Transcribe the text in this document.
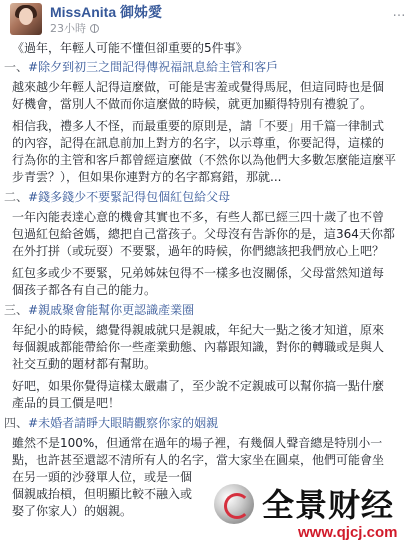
MissAnita 御姊愛
23小時
…

《過年，年輕人可能不懂但卻重要的5件事》

一、#除夕到初三之間記得傳祝福訊息給主管和客戶

越來越少年輕人記得這麼做，可能是害羞或覺得馬屁，但這同時也是個
好機會，當別人不做而你這麼做的時候，就更加顯得特別有禮貌了。
相信我，禮多人不怪，而最重要的原則是，請「不要」用千篇一律制式
的內容，記得在訊息前加上對方的名字，以示尊重，你要記得，這樣的
行為你的主管和客戶都曾經這麼做（不然你以為他們大多數怎麼能這麼平
步青雲？），但如果你連對方的名字都寫錯，那就...

二、#錢多錢少不要緊記得包個紅包給父母

一年內能表達心意的機會其實也不多，有些人都已經三四十歲了也不曾
包過紅包給爸媽，總把自己當孩子。父母沒有告訴你的是，這364天你都
在外打拼（或玩耍）不要緊，過年的時候，你們總該把我們放心上吧？
紅包多或少不要緊，兄弟姊妹包得不一樣多也沒關係，父母當然知道每
個孩子都各有自己的能力。

三、#親戚聚會能幫你更認識產業圈

年紀小的時候，總覺得親戚就只是親戚，年紀大一點之後才知道，原來
每個親戚都能帶給你一些產業動態、內幕跟知識，對你的轉職或是與人
社交互動的題材都有幫助。
好吧，如果你覺得這樣太嚴肅了，至少說不定親戚可以幫你搞一點什麼
產品的員工價是吧！

四、#未婚者請睜大眼睛觀察你家的姻親

雖然不是100%，但通常在過年的場子裡，有幾個人聲音總是特別小一
點，也許甚至還認不清所有人的名字，當大家坐在圓桌，他們可能會坐
在另一頭的沙發單人位，或是一個
個親戚抬槓，但明顯比較不融入或
娶了你家人）的姻親。	全景财经
www.qjcj.com
